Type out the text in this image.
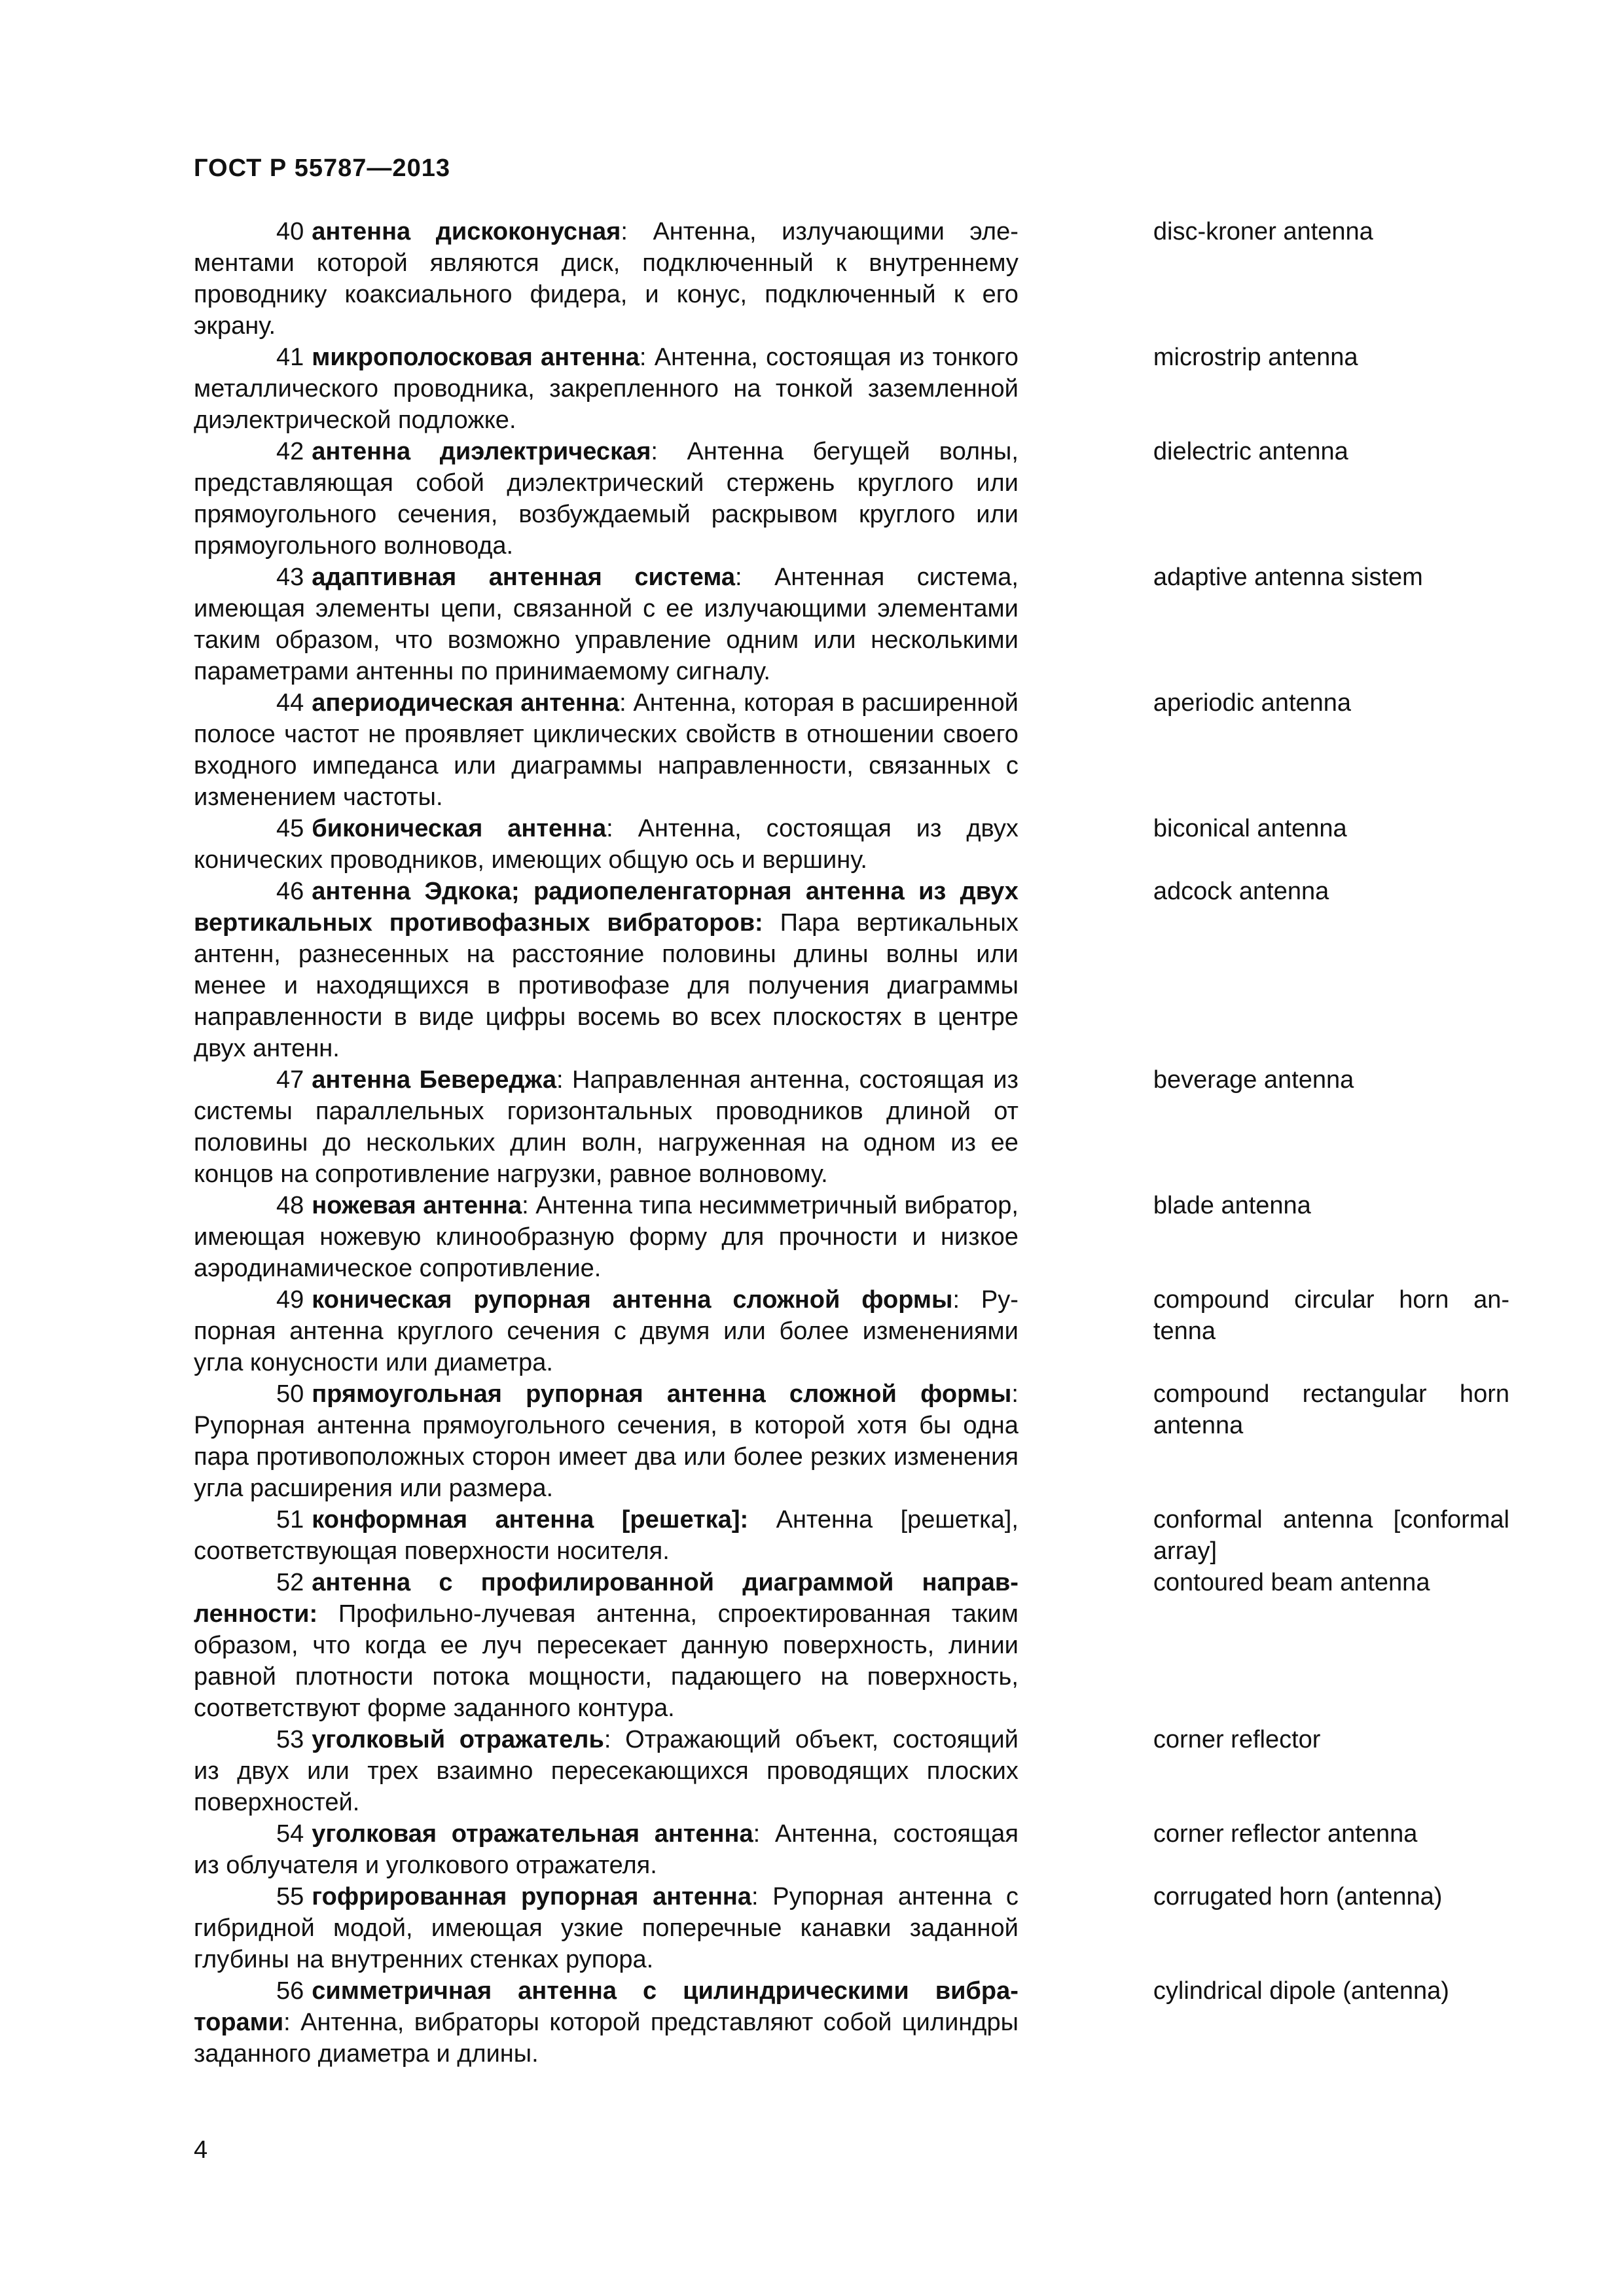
ГОСТ Р 55787—2013
40 антенна дискоконусная: Антенна, излучающими элементами которой являются диск, подключенный к внутреннему проводнику коаксиального фидера, и конус, подключенный к его экрану.
disc-kroner antenna
41 микрополосковая антенна: Антенна, состоящая из тонкого металлического проводника, закрепленного на тонкой заземленной диэлектрической подложке.
microstrip antenna
42 антенна диэлектрическая: Антенна бегущей волны, представляющая собой диэлектрический стержень круглого или прямоугольного сечения, возбуждаемый раскрывом круглого или прямоугольного волновода.
dielectric antenna
43 адаптивная антенная система: Антенная система, имеющая элементы цепи, связанной с ее излучающими элементами таким образом, что возможно управление одним или несколькими параметрами антенны по принимаемому сигналу.
adaptive antenna sistem
44 апериодическая антенна: Антенна, которая в расширенной полосе частот не проявляет циклических свойств в отношении своего входного импеданса или диаграммы направленности, связанных с изменением частоты.
aperiodic antenna
45 биконическая антенна: Антенна, состоящая из двух конических проводников, имеющих общую ось и вершину.
biconical antenna
46 антенна Эдкока; радиопеленгаторная антенна из двух вертикальных противофазных вибраторов: Пара вертикальных антенн, разнесенных на расстояние половины длины волны или менее и находящихся в противофазе для получения диаграммы направленности в виде цифры восемь во всех плоскостях в центре двух антенн.
adcock antenna
47 антенна Бевереджа: Направленная антенна, состоящая из системы параллельных горизонтальных проводников длиной от половины до нескольких длин волн, нагруженная на одном из ее концов на сопротивление нагрузки, равное волновому.
beverage antenna
48 ножевая антенна: Антенна типа несимметричный вибратор, имеющая ножевую клинообразную форму для прочности и низкое аэродинамическое сопротивление.
blade antenna
49 коническая рупорная антенна сложной формы: Рупорная антенна круглого сечения с двумя или более изменениями угла конусности или диаметра.
compound circular horn antenna
50 прямоугольная рупорная антенна сложной формы: Рупорная антенна прямоугольного сечения, в которой хотя бы одна пара противоположных сторон имеет два или более резких изменения угла расширения или размера.
compound rectangular horn antenna
51 конформная антенна [решетка]: Антенна [решетка], соответствующая поверхности носителя.
conformal antenna [conformal array]
52 антенна с профилированной диаграммой направленности: Профильно-лучевая антенна, спроектированная таким образом, что когда ее луч пересекает данную поверхность, линии равной плотности потока мощности, падающего на поверхность, соответствуют форме заданного контура.
contoured beam antenna
53 уголковый отражатель: Отражающий объект, состоящий из двух или трех взаимно пересекающихся проводящих плоских поверхностей.
corner reflector
54 уголковая отражательная антенна: Антенна, состоящая из облучателя и уголкового отражателя.
corner reflector antenna
55 гофрированная рупорная антенна: Рупорная антенна с гибридной модой, имеющая узкие поперечные канавки заданной глубины на внутренних стенках рупора.
corrugated horn (antenna)
56 симметричная антенна с цилиндрическими вибраторами: Антенна, вибраторы которой представляют собой цилиндры заданного диаметра и длины.
cylindrical dipole (antenna)
4
